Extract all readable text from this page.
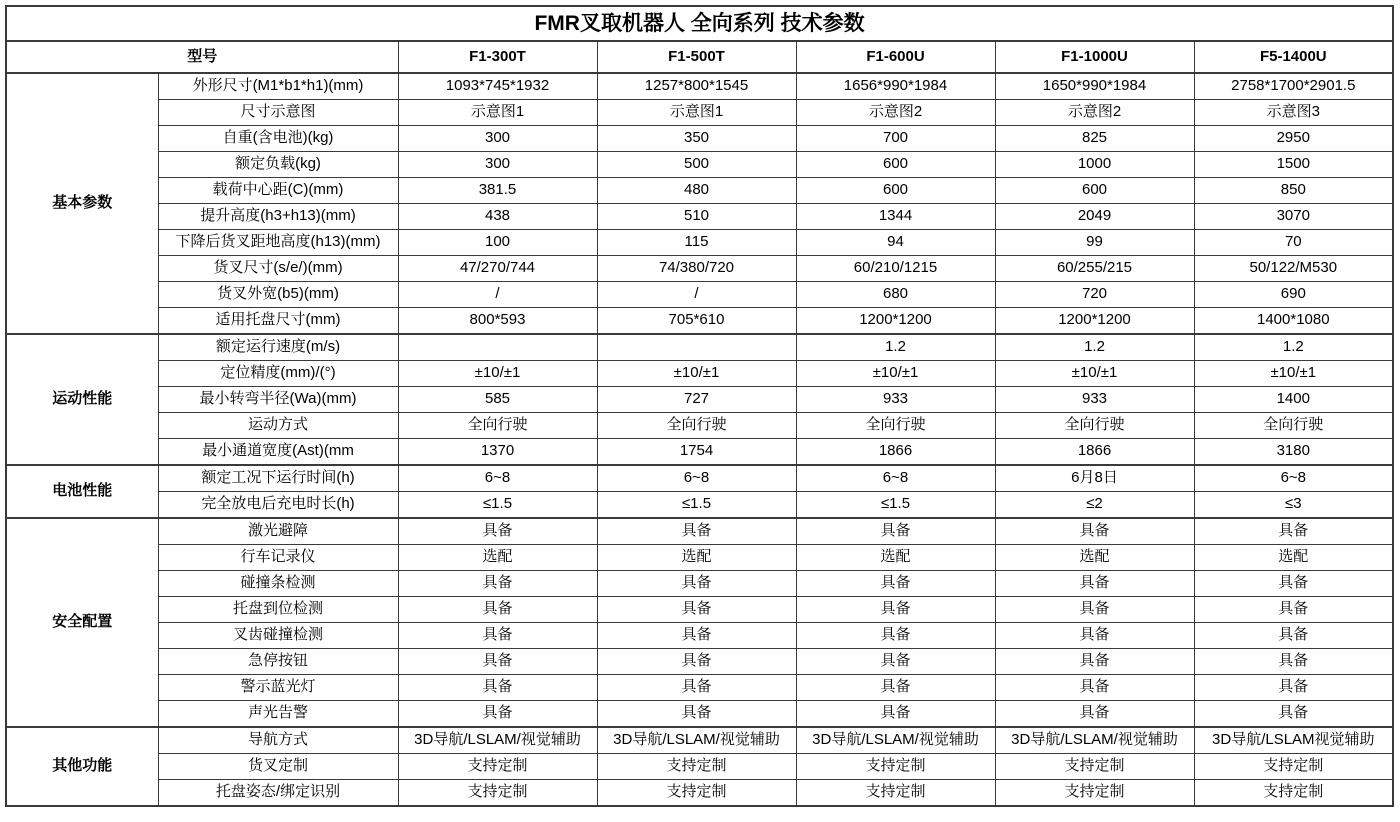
FMR叉取机器人 全向系列 技术参数						
型号		F1-300T	F1-500T	F1-600U	F1-1000U	F5-1400U
基本参数	外形尺寸(M1*b1*h1)(mm)	1093*745*1932	1257*800*1545	1656*990*1984	1650*990*1984	2758*1700*2901.5
	尺寸示意图	示意图1	示意图1	示意图2	示意图2	示意图3
	自重(含电池)(kg)	300	350	700	825	2950
	额定负载(kg)	300	500	600	1000	1500
	载荷中心距(C)(mm)	381.5	480	600	600	850
	提升高度(h3+h13)(mm)	438	510	1344	2049	3070
	下降后货叉距地高度(h13)(mm)	100	115	94	99	70
	货叉尺寸(s/e/)(mm)	47/270/744	74/380/720	60/210/1215	60/255/215	50/122/M530
	货叉外宽(b5)(mm)	/	/	680	720	690
	适用托盘尺寸(mm)	800*593	705*610	1200*1200	1200*1200	1400*1080
运动性能	额定运行速度(m/s)			1.2	1.2	1.2
	定位精度(mm)/(°)	±10/±1	±10/±1	±10/±1	±10/±1	±10/±1
	最小转弯半径(Wa)(mm)	585	727	933	933	1400
	运动方式	全向行驶	全向行驶	全向行驶	全向行驶	全向行驶
	最小通道宽度(Ast)(mm	1370	1754	1866	1866	3180
电池性能	额定工况下运行时间(h)	6~8	6~8	6~8	6月8日	6~8
	完全放电后充电时长(h)	≤1.5	≤1.5	≤1.5	≤2	≤3
安全配置	激光避障	具备	具备	具备	具备	具备
	行车记录仪	选配	选配	选配	选配	选配
	碰撞条检测	具备	具备	具备	具备	具备
	托盘到位检测	具备	具备	具备	具备	具备
	叉齿碰撞检测	具备	具备	具备	具备	具备
	急停按钮	具备	具备	具备	具备	具备
	警示蓝光灯	具备	具备	具备	具备	具备
	声光告警	具备	具备	具备	具备	具备
其他功能	导航方式	3D导航/LSLAM/视觉辅助	3D导航/LSLAM/视觉辅助	3D导航/LSLAM/视觉辅助	3D导航/LSLAM/视觉辅助	3D导航/LSLAM视觉辅助
	货叉定制	支持定制	支持定制	支持定制	支持定制	支持定制
	托盘姿态/绑定识别	支持定制	支持定制	支持定制	支持定制	支持定制
